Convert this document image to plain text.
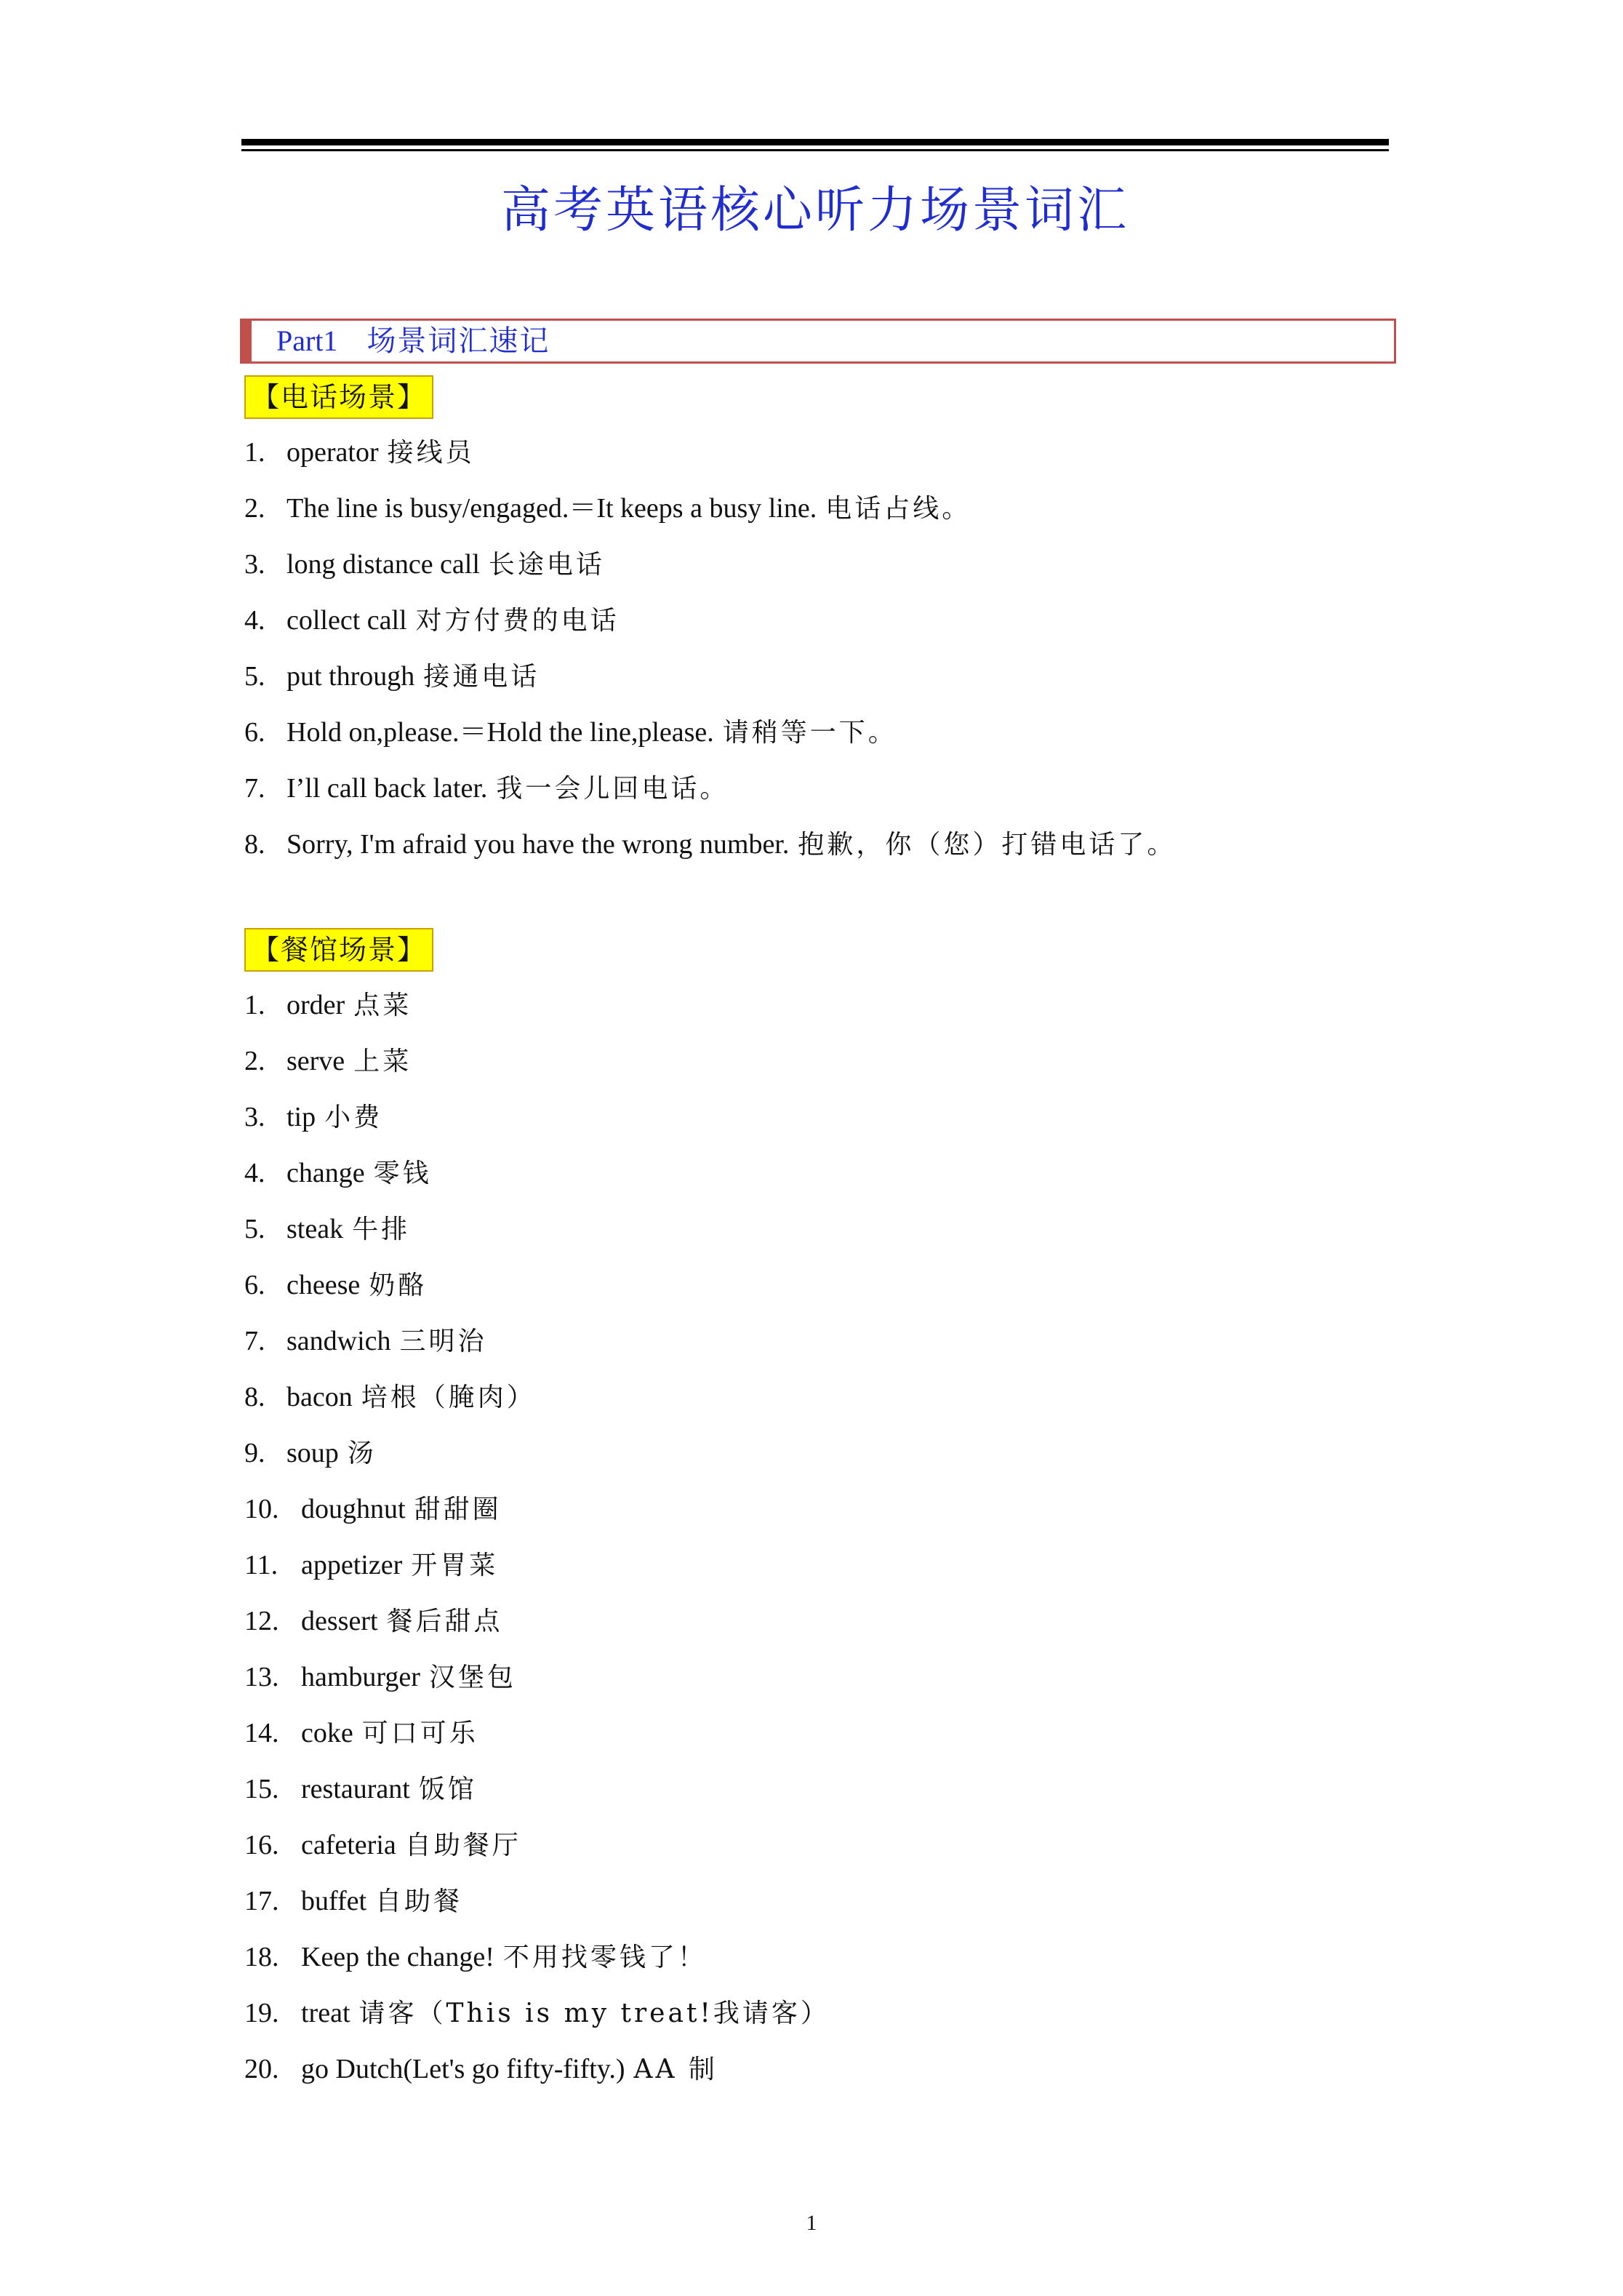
高考英语核心听力场景词汇
Part1 场景词汇速记
【电话场景】
1. operator 接线员
2. The line is busy/engaged.＝It keeps a busy line. 电话占线。
3. long distance call 长途电话
4. collect call 对方付费的电话
5. put through 接通电话
6. Hold on,please.＝Hold the line,please. 请稍等一下。
7. I’ll call back later. 我一会儿回电话。
8. Sorry, I'm afraid you have the wrong number. 抱歉，你（您）打错电话了。
【餐馆场景】
1. order 点菜
2. serve 上菜
3. tip 小费
4. change 零钱
5. steak 牛排
6. cheese 奶酪
7. sandwich 三明治
8. bacon 培根（腌肉）
9. soup 汤
10. doughnut 甜甜圈
11. appetizer 开胃菜
12. dessert 餐后甜点
13. hamburger 汉堡包
14. coke 可口可乐
15. restaurant 饭馆
16. cafeteria 自助餐厅
17. buffet 自助餐
18. Keep the change! 不用找零钱了！
19. treat 请客（This is my treat!我请客）
20. go Dutch(Let's go fifty-fifty.) AA 制
1
